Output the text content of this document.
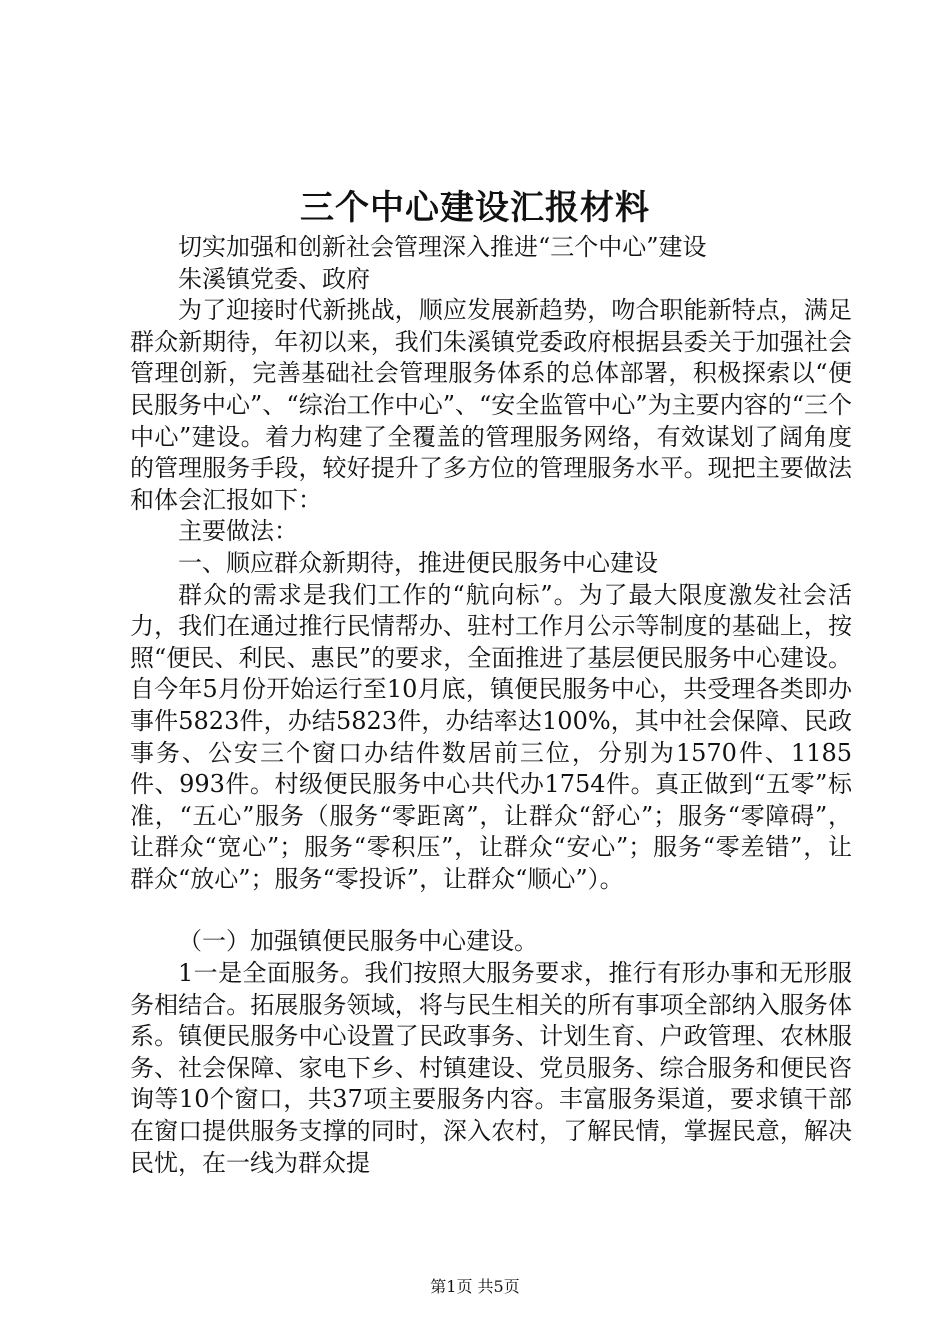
三个中心建设汇报材料

切实加强和创新社会管理深入推进“三个中心”建设

朱溪镇党委、政府

为了迎接时代新挑战，顺应发展新趋势，吻合职能新特点，满足群众新期待，年初以来，我们朱溪镇党委政府根据县委关于加强社会管理创新，完善基础社会管理服务体系的总体部署，积极探索以“便民服务中心”、“综治工作中心”、“安全监管中心”为主要内容的“三个中心”建设。着力构建了全覆盖的管理服务网络，有效谋划了阔角度的管理服务手段，较好提升了多方位的管理服务水平。现把主要做法和体会汇报如下：

主要做法：

一、顺应群众新期待，推进便民服务中心建设

群众的需求是我们工作的“航向标”。为了最大限度激发社会活力，我们在通过推行民情帮办、驻村工作月公示等制度的基础上，按照“便民、利民、惠民”的要求，全面推进了基层便民服务中心建设。自今年5月份开始运行至10月底，镇便民服务中心，共受理各类即办事件5823件，办结5823件，办结率达100%，其中社会保障、民政事务、公安三个窗口办结件数居前三位，分别为1570件、1185件、993件。村级便民服务中心共代办1754件。真正做到“五零”标准，“五心”服务（服务“零距离”，让群众“舒心”；服务“零障碍”，让群众“宽心”；服务“零积压”，让群众“安心”；服务“零差错”，让群众“放心”；服务“零投诉”，让群众“顺心”）。

（一）加强镇便民服务中心建设。

1一是全面服务。我们按照大服务要求，推行有形办事和无形服务相结合。拓展服务领域，将与民生相关的所有事项全部纳入服务体系。镇便民服务中心设置了民政事务、计划生育、户政管理、农林服务、社会保障、家电下乡、村镇建设、党员服务、综合服务和便民咨询等10个窗口，共37项主要服务内容。丰富服务渠道，要求镇干部在窗口提供服务支撑的同时，深入农村，了解民情，掌握民意，解决民忧，在一线为群众提

第1页 共5页
